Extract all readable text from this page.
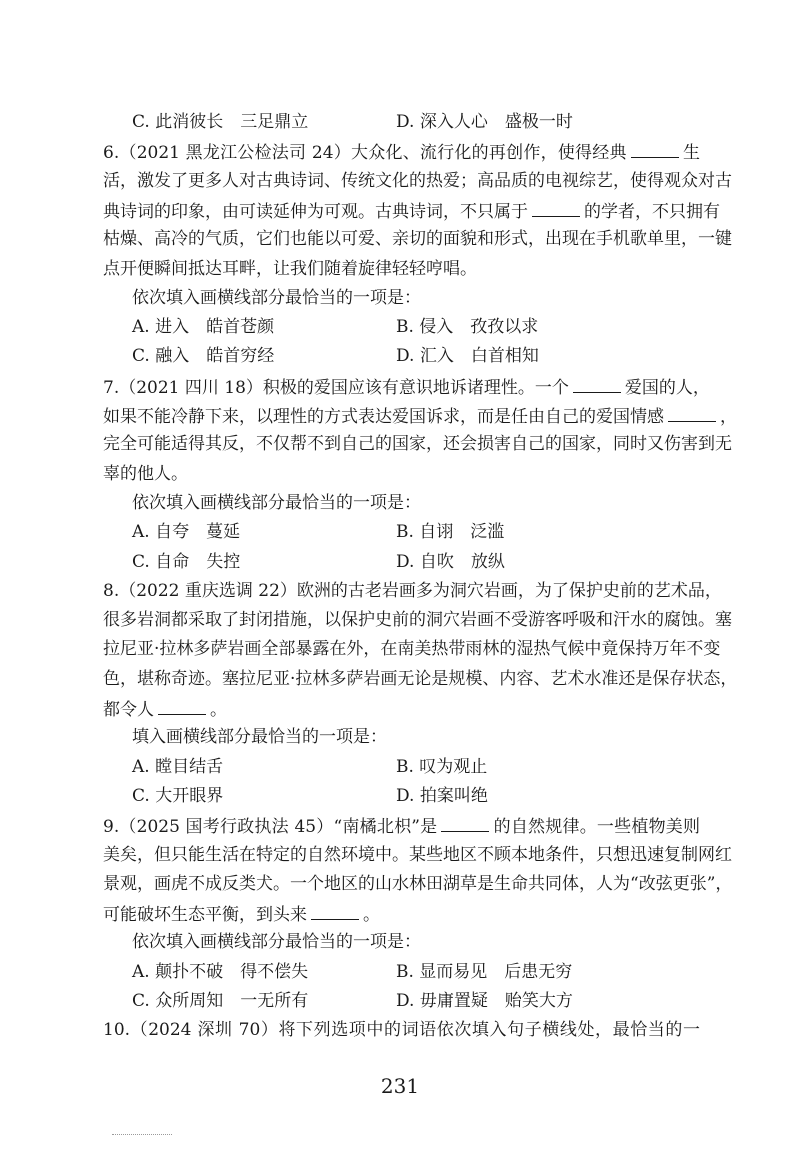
C. 此消彼长　三足鼎立	D. 深入人心　盛极一时
6.（2021 黑龙江公检法司 24）大众化、流行化的再创作，使得经典	生
活，激发了更多人对古典诗词、传统文化的热爱；高品质的电视综艺，使得观众对古
典诗词的印象，由可读延伸为可观。古典诗词，不只属于	的学者，不只拥有
枯燥、高冷的气质，它们也能以可爱、亲切的面貌和形式，出现在手机歌单里，一键
点开便瞬间抵达耳畔，让我们随着旋律轻轻哼唱。
依次填入画横线部分最恰当的一项是：
A. 进入　皓首苍颜	B. 侵入　孜孜以求
C. 融入　皓首穷经	D. 汇入　白首相知
7.（2021 四川 18）积极的爱国应该有意识地诉诸理性。一个	爱国的人，
如果不能冷静下来，以理性的方式表达爱国诉求，而是任由自己的爱国情感	，
完全可能适得其反，不仅帮不到自己的国家，还会损害自己的国家，同时又伤害到无
辜的他人。
依次填入画横线部分最恰当的一项是：
A. 自夸　蔓延	B. 自诩　泛滥
C. 自命　失控	D. 自吹　放纵
8.（2022 重庆选调 22）欧洲的古老岩画多为洞穴岩画，为了保护史前的艺术品，
很多岩洞都采取了封闭措施，以保护史前的洞穴岩画不受游客呼吸和汗水的腐蚀。塞
拉尼亚·拉林多萨岩画全部暴露在外，在南美热带雨林的湿热气候中竟保持万年不变
色，堪称奇迹。塞拉尼亚·拉林多萨岩画无论是规模、内容、艺术水准还是保存状态，
都令人	。
填入画横线部分最恰当的一项是：
A. 瞠目结舌	B. 叹为观止
C. 大开眼界	D. 拍案叫绝
9.（2025 国考行政执法 45）“南橘北枳”是	的自然规律。一些植物美则
美矣，但只能生活在特定的自然环境中。某些地区不顾本地条件，只想迅速复制网红
景观，画虎不成反类犬。一个地区的山水林田湖草是生命共同体，人为“改弦更张”，
可能破坏生态平衡，到头来	。
依次填入画横线部分最恰当的一项是：
A. 颠扑不破　得不偿失	B. 显而易见　后患无穷
C. 众所周知　一无所有	D. 毋庸置疑　贻笑大方
10.（2024 深圳 70）将下列选项中的词语依次填入句子横线处，最恰当的一
231
